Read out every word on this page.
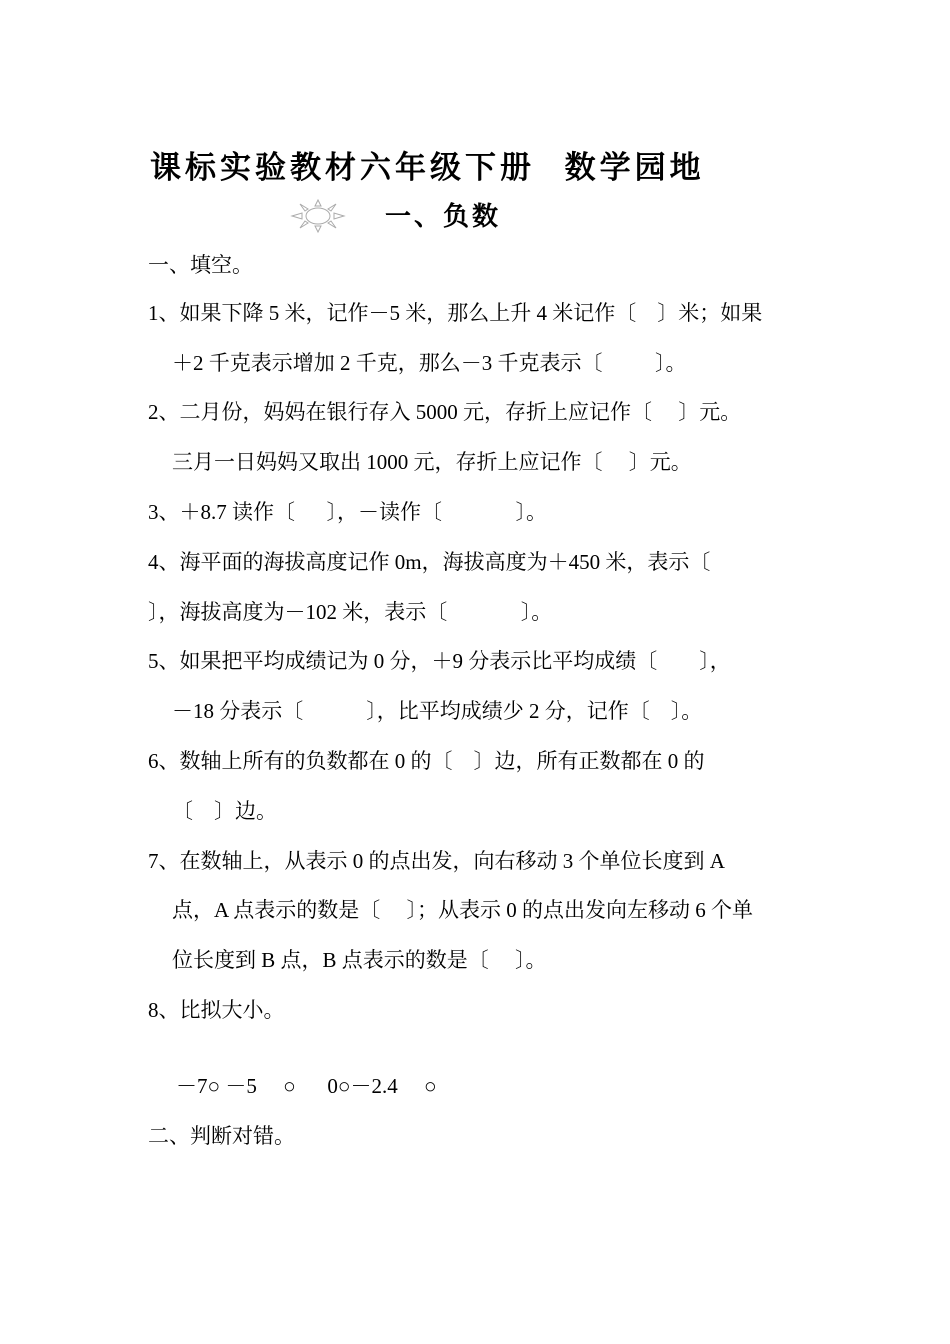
课标实验教材六年级下册  数学园地
一、负数
一、填空。
1、如果下降 5 米，记作－5 米，那么上升 4 米记作〔    〕米；如果
＋2 千克表示增加 2 千克，那么－3 千克表示〔          〕。
2、二月份，妈妈在银行存入 5000 元，存折上应记作〔     〕元。
三月一日妈妈又取出 1000 元，存折上应记作〔     〕元。
3、＋8.7 读作〔      〕，－读作〔              〕。
4、海平面的海拔高度记作 0m，海拔高度为＋450 米，表示〔
〕，海拔高度为－102 米，表示〔              〕。
5、如果把平均成绩记为 0 分，＋9 分表示比平均成绩〔        〕，
－18 分表示〔            〕，比平均成绩少 2 分，记作〔    〕。
6、数轴上所有的负数都在 0 的〔    〕边，所有正数都在 0 的
〔    〕边。
7、在数轴上，从表示 0 的点出发，向右移动 3 个单位长度到 A
点，A 点表示的数是〔     〕；从表示 0 的点出发向左移动 6 个单
位长度到 B 点，B 点表示的数是〔     〕。
8、比拟大小。
－7○ －5     ○      0○－2.4     ○
二、判断对错。
